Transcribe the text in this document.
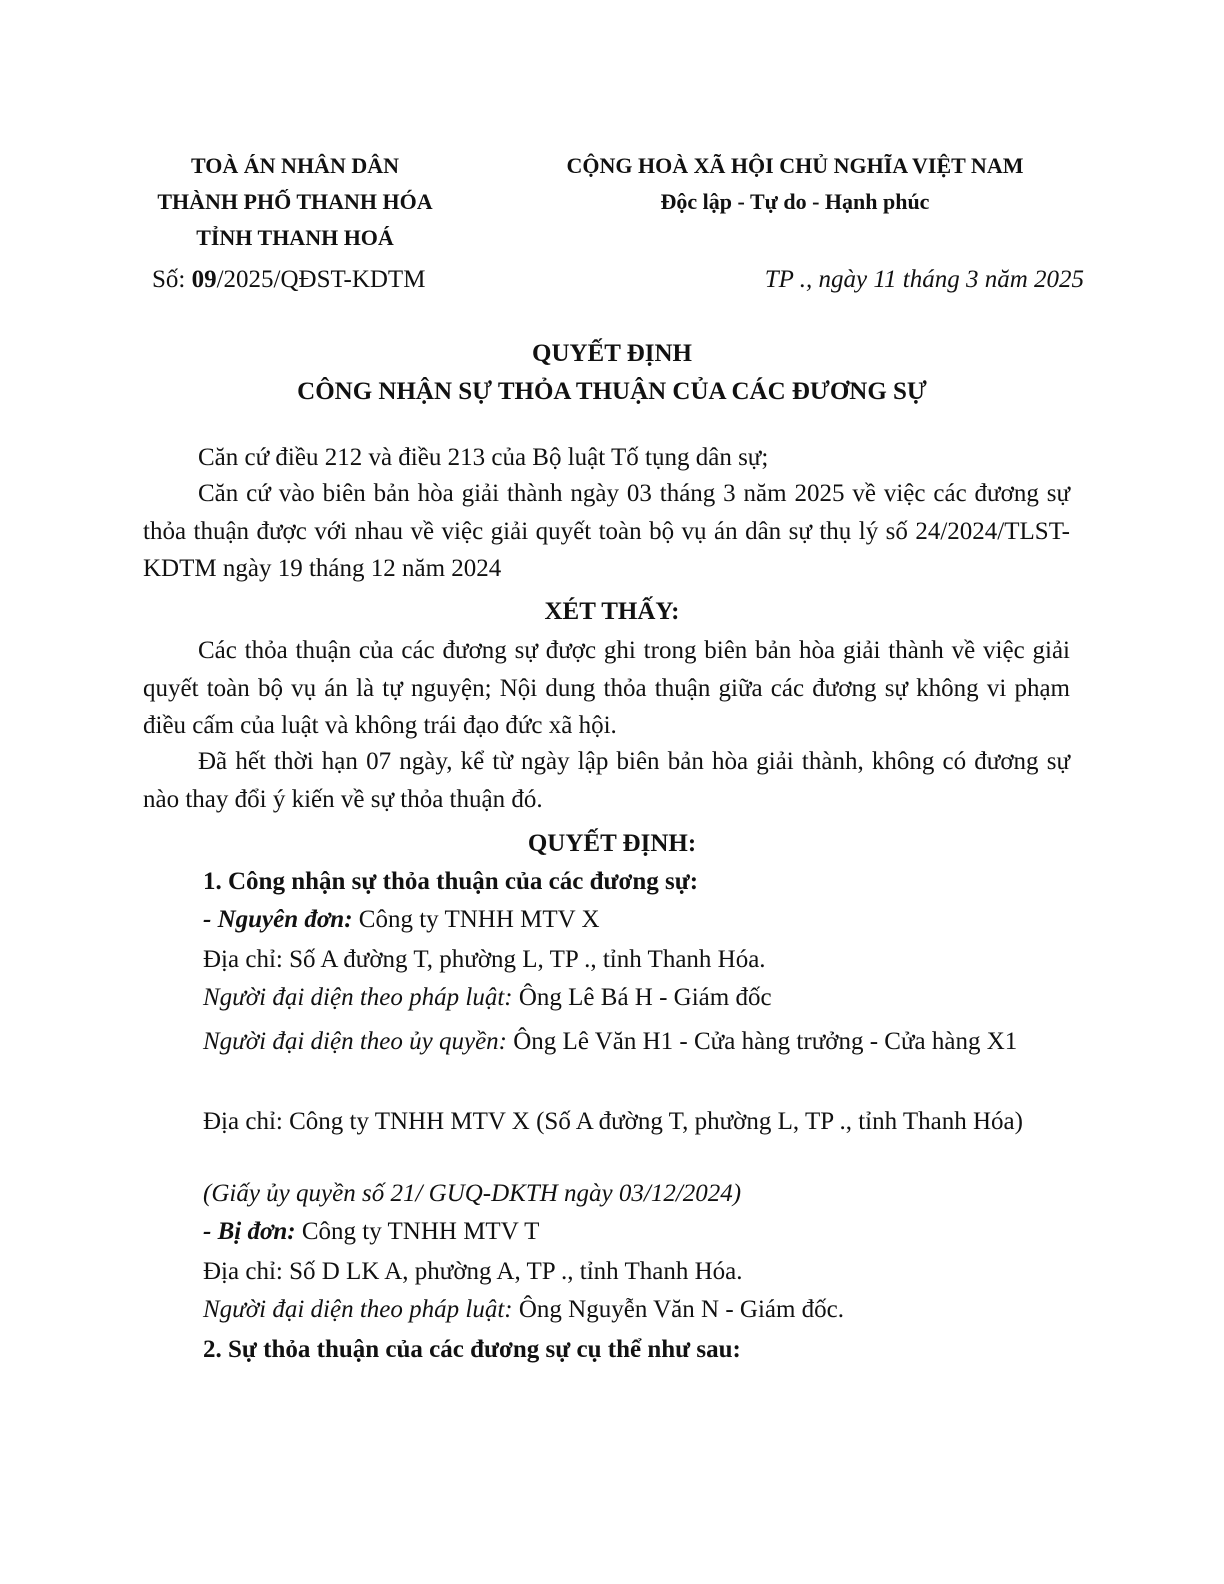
TOÀ ÁN NHÂN DÂN
THÀNH PHỐ THANH HÓA
TỈNH THANH HOÁ
CỘNG HOÀ XÃ HỘI CHỦ NGHĨA VIỆT NAM
Độc lập - Tự do - Hạnh phúc
Số: 09/2025/QĐST-KDTM	TP ., ngày 11 tháng 3 năm 2025
QUYẾT ĐỊNH
CÔNG NHẬN SỰ THỎA THUẬN CỦA CÁC ĐƯƠNG SỰ
Căn cứ điều 212 và điều 213 của Bộ luật Tố tụng dân sự;
Căn cứ vào biên bản hòa giải thành ngày 03 tháng 3 năm 2025 về việc các đương sự thỏa thuận được với nhau về việc giải quyết toàn bộ vụ án dân sự thụ lý số 24/2024/TLST-KDTM ngày 19 tháng 12 năm 2024
XÉT THẤY:
Các thỏa thuận của các đương sự được ghi trong biên bản hòa giải thành về việc giải quyết toàn bộ vụ án là tự nguyện; Nội dung thỏa thuận giữa các đương sự không vi phạm điều cấm của luật và không trái đạo đức xã hội.
Đã hết thời hạn 07 ngày, kể từ ngày lập biên bản hòa giải thành, không có đương sự nào thay đổi ý kiến về sự thỏa thuận đó.
QUYẾT ĐỊNH:
1. Công nhận sự thỏa thuận của các đương sự:
- Nguyên đơn: Công ty TNHH MTV X
Địa chỉ: Số A đường T, phường L, TP ., tỉnh Thanh Hóa.
Người đại diện theo pháp luật: Ông Lê Bá H - Giám đốc
Người đại diện theo ủy quyền: Ông Lê Văn H1 - Cửa hàng trưởng - Cửa hàng X1
Địa chỉ: Công ty TNHH MTV X (Số A đường T, phường L, TP ., tỉnh Thanh Hóa)
(Giấy ủy quyền số 21/ GUQ-DKTH ngày 03/12/2024)
- Bị đơn: Công ty TNHH MTV T
Địa chỉ: Số D LK A, phường A, TP ., tỉnh Thanh Hóa.
Người đại diện theo pháp luật: Ông Nguyễn Văn N - Giám đốc.
2. Sự thỏa thuận của các đương sự cụ thể như sau:
